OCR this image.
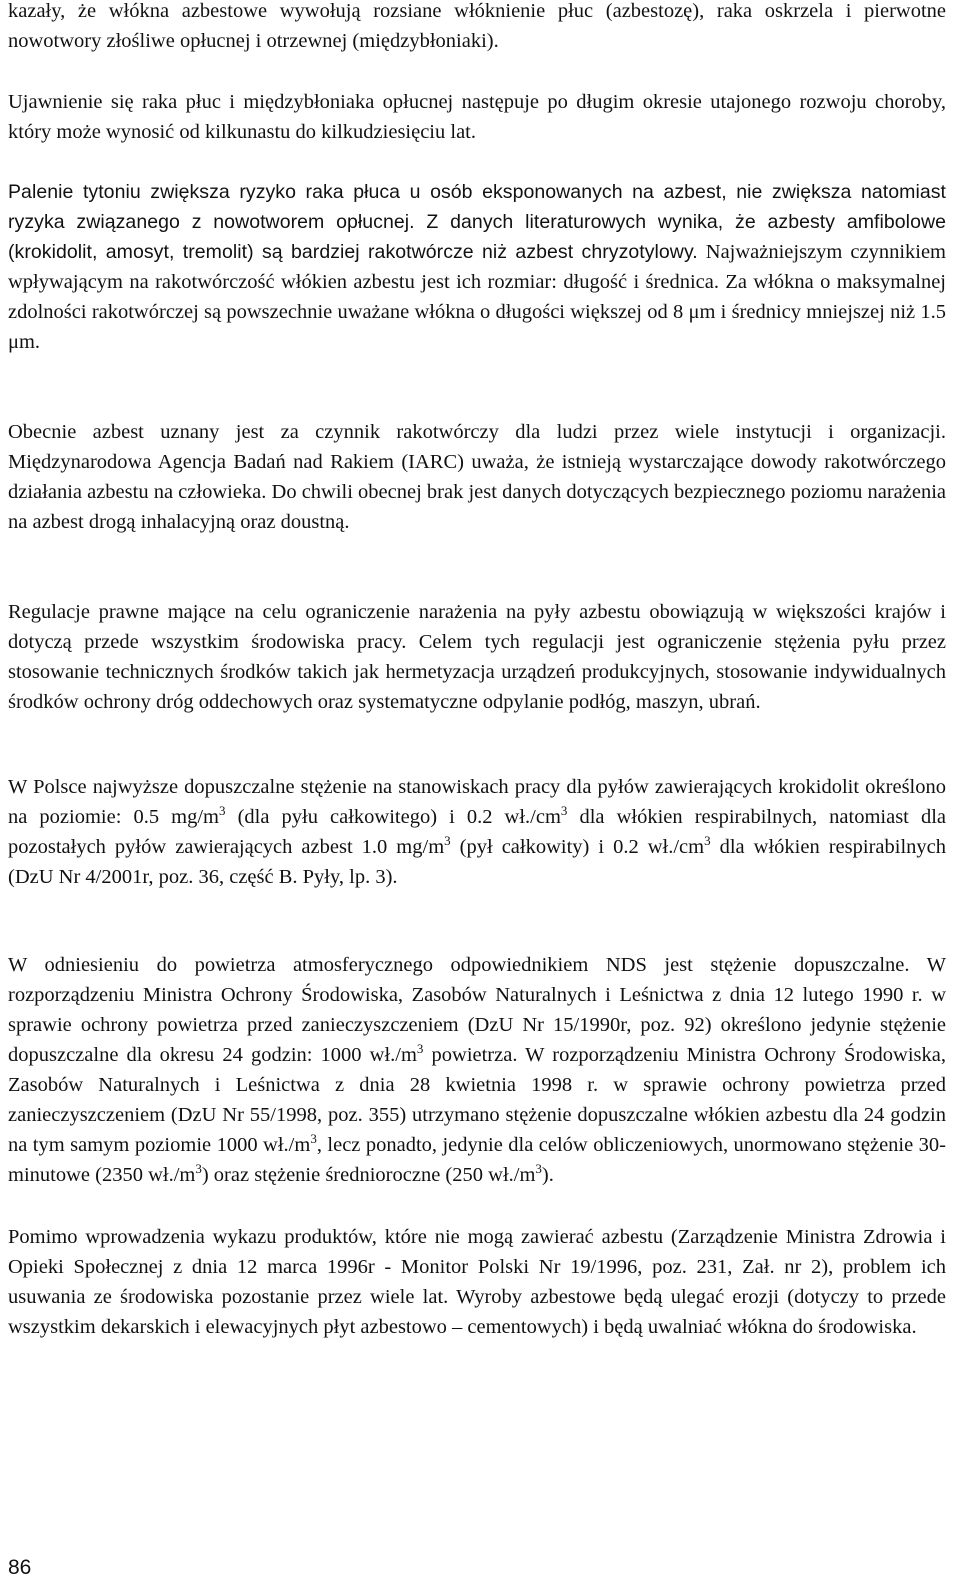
kazały, że włókna azbestowe wywołują rozsiane włóknienie płuc (azbestozę), raka oskrzela i pierwotne nowotwory złośliwe opłucnej i otrzewnej (międzybłoniaki).

Ujawnienie się raka płuc i międzybłoniaka opłucnej następuje po długim okresie utajonego rozwoju choroby, który może wynosić od kilkunastu do kilkudziesięciu lat.

Palenie tytoniu zwiększa ryzyko raka płuca u osób eksponowanych na azbest, nie zwiększa natomiast ryzyka związanego z nowotworem opłucnej. Z danych literaturowych wynika, że azbesty amfibolowe (krokidolit, amosyt, tremolit) są bardziej rakotwórcze niż azbest chryzotylowy. Najważniejszym czynnikiem wpływającym na rakotwórczość włókien azbestu jest ich rozmiar: długość i średnica. Za włókna o maksymalnej zdolności rakotwórczej są powszechnie uważane włókna o długości większej od 8 μm i średnicy mniejszej niż 1.5 μm.

Obecnie azbest uznany jest za czynnik rakotwórczy dla ludzi przez wiele instytucji i organizacji. Międzynarodowa Agencja Badań nad Rakiem (IARC) uważa, że istnieją wystarczające dowody rakotwórczego działania azbestu na człowieka. Do chwili obecnej brak jest danych dotyczących bezpiecznego poziomu narażenia na azbest drogą inhalacyjną oraz doustną.

Regulacje prawne mające na celu ograniczenie narażenia na pyły azbestu obowiązują w większości krajów i dotyczą przede wszystkim środowiska pracy. Celem tych regulacji jest ograniczenie stężenia pyłu przez stosowanie technicznych środków takich jak hermetyzacja urządzeń produkcyjnych, stosowanie indywidualnych środków ochrony dróg oddechowych oraz systematyczne odpylanie podłóg, maszyn, ubrań.

W Polsce najwyższe dopuszczalne stężenie na stanowiskach pracy dla pyłów zawierających krokidolit określono na poziomie: 0.5 $mg/m^3$ (dla pyłu całkowitego) i 0.2 $wł./cm^3$ dla włókien respirabilnych, natomiast dla pozostałych pyłów zawierających azbest 1.0 $mg/m^3$ (pył całkowity) i 0.2 $wł./cm^3$ dla włókien respirabilnych (DzU Nr 4/2001r, poz. 36, część B. Pyły, lp. 3).

W odniesieniu do powietrza atmosferycznego odpowiednikiem NDS jest stężenie dopuszczalne. W rozporządzeniu Ministra Ochrony Środowiska, Zasobów Naturalnych i Leśnictwa z dnia 12 lutego 1990 r. w sprawie ochrony powietrza przed zanieczyszczeniem (DzU Nr 15/1990r, poz. 92) określono jedynie stężenie dopuszczalne dla okresu 24 godzin: 1000 $wł./m^3$ powietrza. W rozporządzeniu Ministra Ochrony Środowiska, Zasobów Naturalnych i Leśnictwa z dnia 28 kwietnia 1998 r. w sprawie ochrony powietrza przed zanieczyszczeniem (DzU Nr 55/1998, poz. 355) utrzymano stężenie dopuszczalne włókien azbestu dla 24 godzin na tym samym poziomie 1000 $wł./m^3$, lecz ponadto, jedynie dla celów obliczeniowych, unormowano stężenie 30-minutowe (2350 $wł./m^3$) oraz stężenie średnioroczne (250 $wł./m^3$).

Pomimo wprowadzenia wykazu produktów, które nie mogą zawierać azbestu (Zarządzenie Ministra Zdrowia i Opieki Społecznej z dnia 12 marca 1996r - Monitor Polski Nr 19/1996, poz. 231, Zał. nr 2), problem ich usuwania ze środowiska pozostanie przez wiele lat. Wyroby azbestowe będą ulegać erozji (dotyczy to przede wszystkim dekarskich i elewacyjnych płyt azbestowo – cementowych) i będą uwalniać włókna do środowiska.

86
